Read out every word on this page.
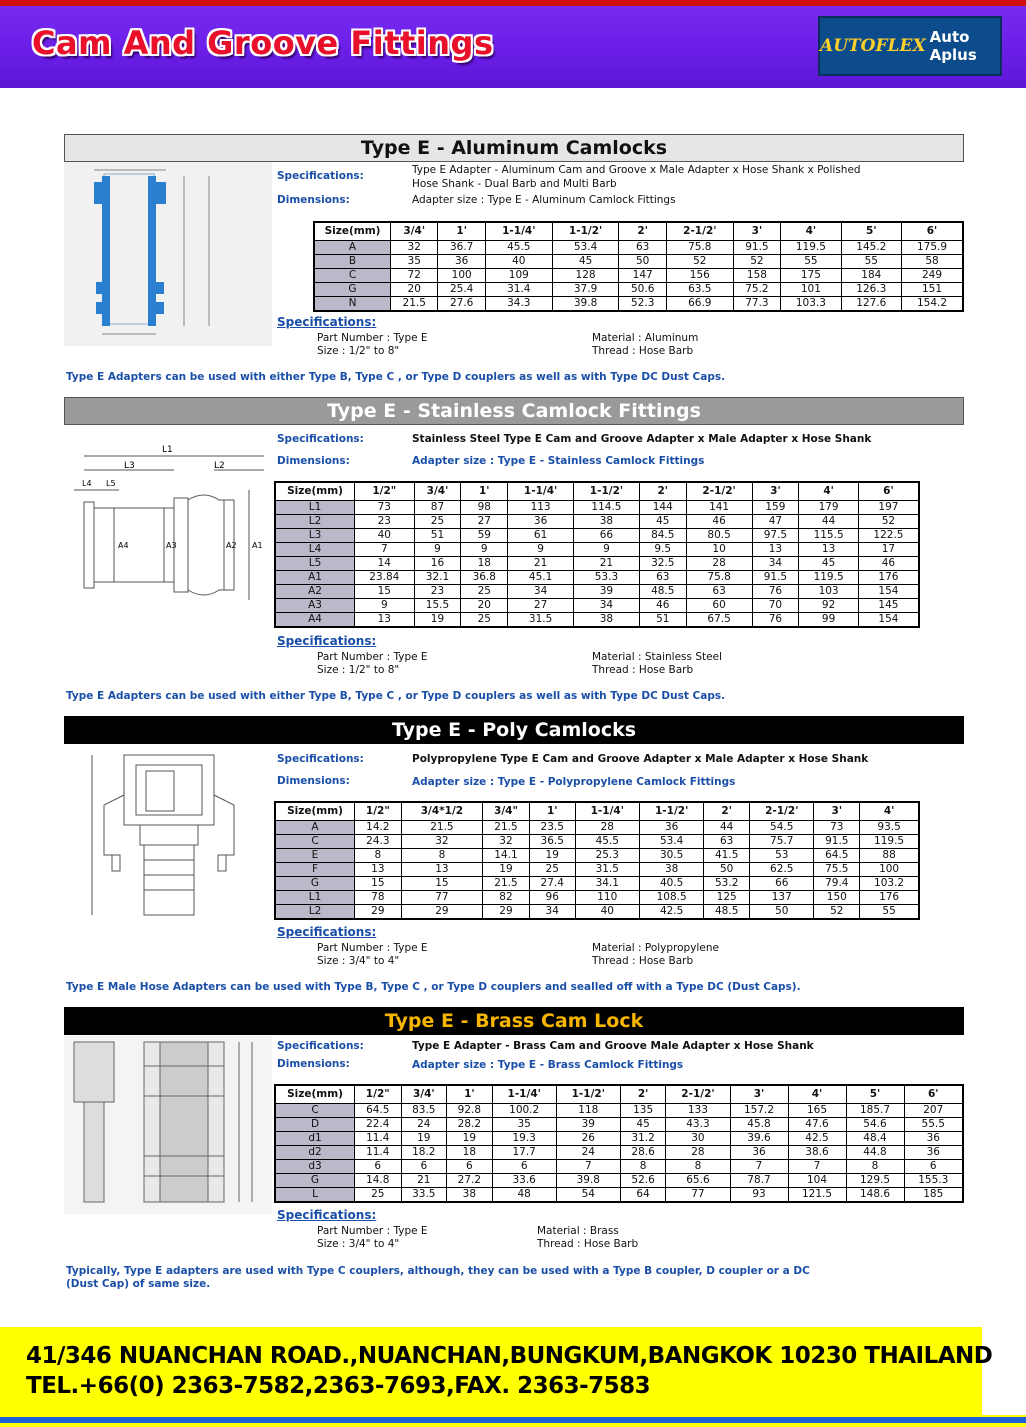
Cam And Groove Fittings	AUTOFLEX Auto Aplus
Type E - Aluminum Camlocks
Specifications:	Type E Adapter - Aluminum Cam and Groove x Male Adapter x Hose Shank x Polished
Hose Shank - Dual Barb and Multi Barb
Dimensions:	Adapter size : Type E - Aluminum Camlock Fittings
Size(mm)	3/4'	1'	1-1/4'	1-1/2'	2'	2-1/2'	3'	4'	5'	6'
A	32	36.7	45.5	53.4	63	75.8	91.5	119.5	145.2	175.9
B	35	36	40	45	50	52	52	55	55	58
C	72	100	109	128	147	156	158	175	184	249
G	20	25.4	31.4	37.9	50.6	63.5	75.2	101	126.3	151
N	21.5	27.6	34.3	39.8	52.3	66.9	77.3	103.3	127.6	154.2
Specifications:
Part Number : Type E
Size : 1/2" to 8"
Material : Aluminum
Thread : Hose Barb
Type E Adapters can be used with either Type B, Type C , or Type D couplers as well as with Type DC Dust Caps.
Type E - Stainless Camlock Fittings
L1
L3	L2
L4 L5
A4	A3	A2 A1
Specifications:	Stainless Steel Type E Cam and Groove Adapter x Male Adapter x Hose Shank
Dimensions:	Adapter size : Type E - Stainless Camlock Fittings
Size(mm)	1/2"	3/4'	1'	1-1/4'	1-1/2'	2'	2-1/2'	3'	4'	6'
L1	73	87	98	113	114.5	144	141	159	179	197
L2	23	25	27	36	38	45	46	47	44	52
L3	40	51	59	61	66	84.5	80.5	97.5	115.5	122.5
L4	7	9	9	9	9	9.5	10	13	13	17
L5	14	16	18	21	21	32.5	28	34	45	46
A1	23.84	32.1	36.8	45.1	53.3	63	75.8	91.5	119.5	176
A2	15	23	25	34	39	48.5	63	76	103	154
A3	9	15.5	20	27	34	46	60	70	92	145
A4	13	19	25	31.5	38	51	67.5	76	99	154
Specifications:
Part Number : Type E
Size : 1/2" to 8"
Material : Stainless Steel
Thread : Hose Barb
Type E Adapters can be used with either Type B, Type C , or Type D couplers as well as with Type DC Dust Caps.
Type E - Poly Camlocks
Specifications:	Polypropylene Type E Cam and Groove Adapter x Male Adapter x Hose Shank
Dimensions:	Adapter size : Type E - Polypropylene Camlock Fittings
Size(mm)	1/2"	3/4*1/2	3/4"	1'	1-1/4'	1-1/2'	2'	2-1/2'	3'	4'
A	14.2	21.5	21.5	23.5	28	36	44	54.5	73	93.5
C	24.3	32	32	36.5	45.5	53.4	63	75.7	91.5	119.5
E	8	8	14.1	19	25.3	30.5	41.5	53	64.5	88
F	13	13	19	25	31.5	38	50	62.5	75.5	100
G	15	15	21.5	27.4	34.1	40.5	53.2	66	79.4	103.2
L1	78	77	82	96	110	108.5	125	137	150	176
L2	29	29	29	34	40	42.5	48.5	50	52	55
Specifications:
Part Number : Type E
Size : 3/4" to 4"
Material : Polypropylene
Thread : Hose Barb
Type E Male Hose Adapters can be used with Type B, Type C , or Type D couplers and sealled off with a Type DC (Dust Caps).
Type E - Brass Cam Lock
Specifications:	Type E Adapter - Brass Cam and Groove Male Adapter x Hose Shank
Dimensions:	Adapter size : Type E - Brass Camlock Fittings
Size(mm)	1/2"	3/4'	1'	1-1/4'	1-1/2'	2'	2-1/2'	3'	4'	5'	6'
C	64.5	83.5	92.8	100.2	118	135	133	157.2	165	185.7	207
D	22.4	24	28.2	35	39	45	43.3	45.8	47.6	54.6	55.5
d1	11.4	19	19	19.3	26	31.2	30	39.6	42.5	48.4	36
d2	11.4	18.2	18	17.7	24	28.6	28	36	38.6	44.8	36
d3	6	6	6	6	7	8	8	7	7	8	6
G	14.8	21	27.2	33.6	39.8	52.6	65.6	78.7	104	129.5	155.3
L	25	33.5	38	48	54	64	77	93	121.5	148.6	185
Specifications:
Part Number : Type E
Size : 3/4" to 4"
Material : Brass
Thread : Hose Barb
Typically, Type E adapters are used with Type C couplers, although, they can be used with a Type B coupler, D coupler or a DC
(Dust Cap) of same size.
41/346 NUANCHAN ROAD.,NUANCHAN,BUNGKUM,BANGKOK 10230 THAILAND
TEL.+66(0) 2363-7582,2363-7693,FAX. 2363-7583
